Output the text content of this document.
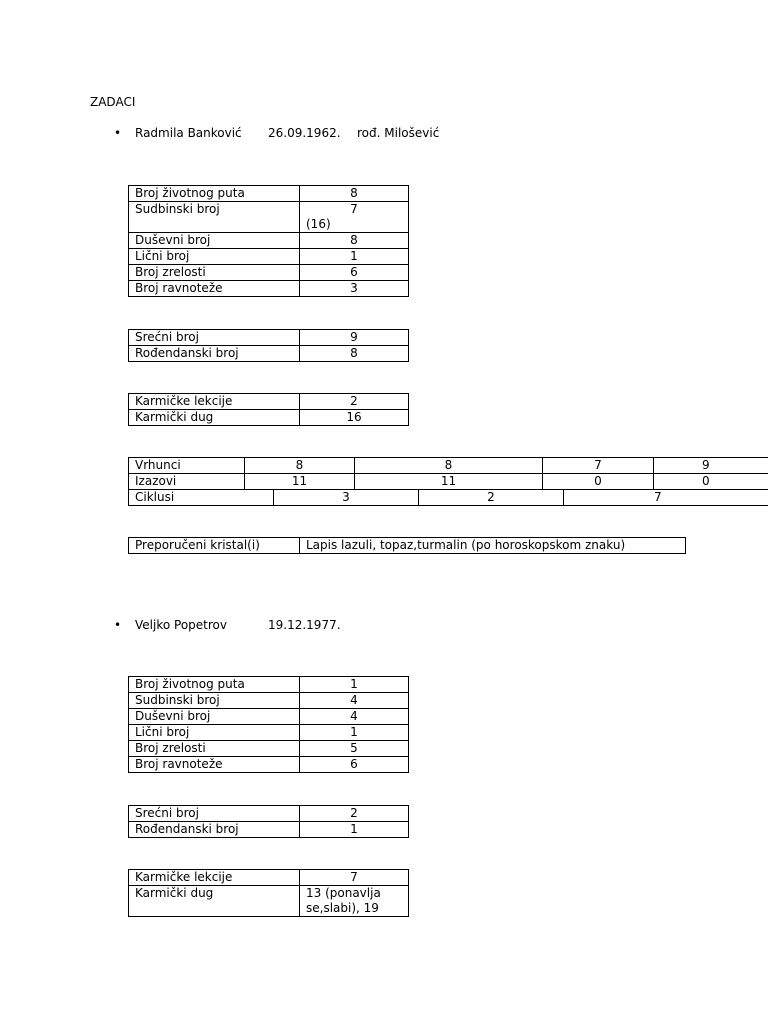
ZADACI
• Radmila Banković 26.09.1962. rođ. Milošević
Broj životnog puta	8
Sudbinski broj	7
(16)

Duševni broj	8
Lični broj	1
Broj zrelosti	6
Broj ravnoteže	3
Srećni broj	9
Rođendanski broj	8
Karmičke lekcije	2
Karmički dug	16
Vrhunci	8	8	7	9
Izazovi	11	11	0	0
Ciklusi	3	2	7
Preporučeni kristal(i)	Lapis lazuli, topaz,turmalin (po horoskopskom znaku)
• Veljko Popetrov	19.12.1977.
Broj životnog puta	1
Sudbinski broj	4
Duševni broj	4
Lični broj	1
Broj zrelosti	5
Broj ravnoteže	6
Srećni broj	2
Rođendanski broj	1
Karmičke lekcije	7
Karmički dug	13 (ponavlja se,slabi), 19
